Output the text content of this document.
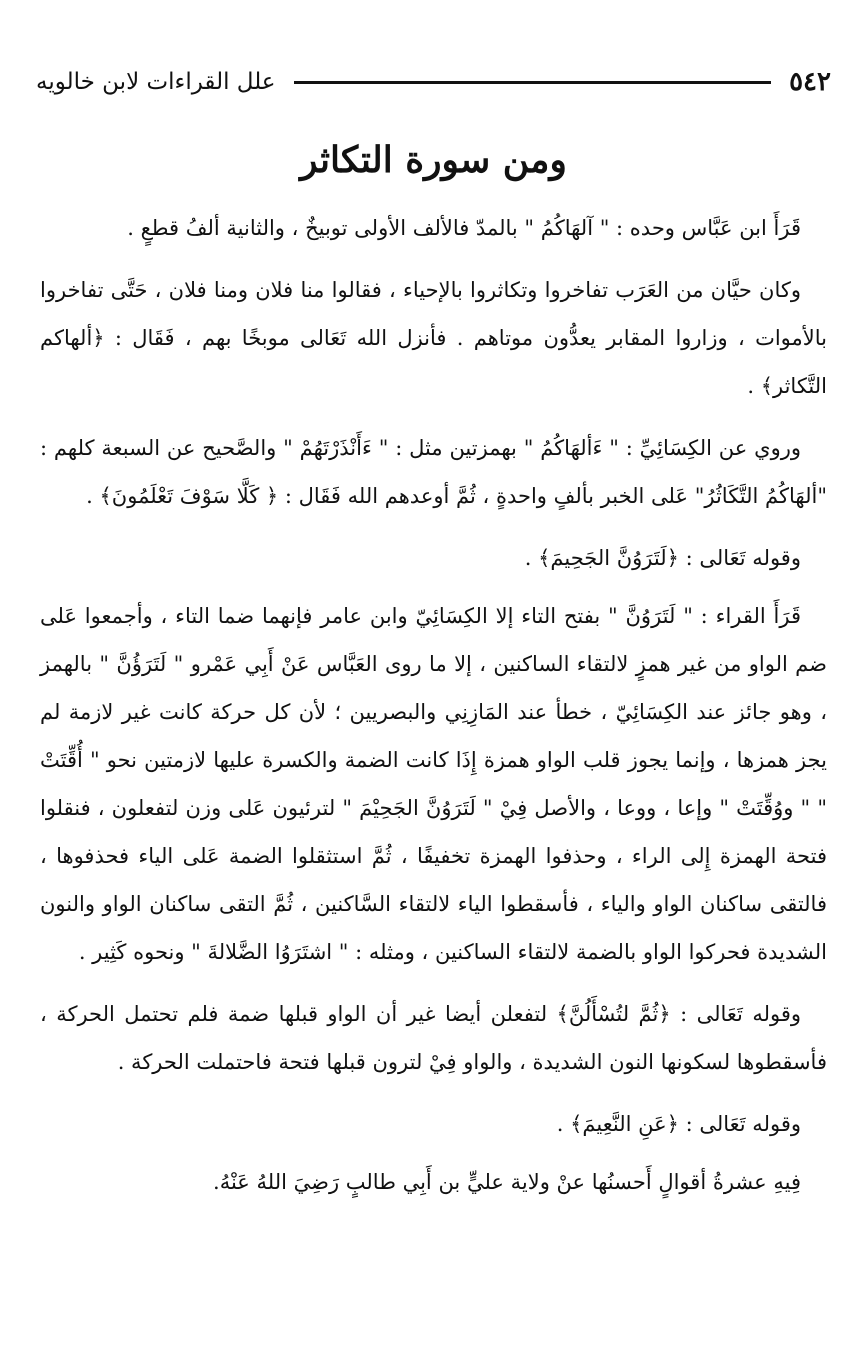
٥٤٢
علل القراءات لابن خالويه
ومن سورة التكاثر

قَرَأَ ابن عَبَّاس وحده : " آلهَاكُمُ " بالمدّ فالألف الأولى توبيخٌ ، والثانية ألفُ قطعٍ .

وكان حيَّان من العَرَب تفاخروا وتكاثروا بالإحياء ، فقالوا منا فلان ومنا فلان ، حَتَّى تفاخروا بالأموات ، وزاروا المقابر يعدُّون موتاهم . فأنزل الله تَعَالى موبخًا بهم ، فَقَال : ﴿ألهاكم التَّكاثر﴾ .

وروي عن الكِسَائِيِّ : " ءَألهَاكُمُ " بهمزتين مثل : " ءَأَنْذَرْتَهُمْ " والصَّحيح عن السبعة كلهم : "ألهَاكُمُ التَّكَاثُرُ" عَلى الخبر بألفٍ واحدةٍ ، ثُمَّ أوعدهم الله فَقَال : ﴿ كَلَّا سَوْفَ تَعْلَمُونَ﴾ .

وقوله تَعَالى : ﴿لَتَرَوُنَّ الجَحِيمَ﴾ .

قَرَأَ القراء : " لَتَرَوُنَّ " بفتح التاء إلا الكِسَائِيّ وابن عامر فإنهما ضما التاء ، وأجمعوا عَلى ضم الواو من غير همزٍ لالتقاء الساكنين ، إلا ما روى العَبَّاس عَنْ أَبِي عَمْرو " لَتَرَؤُنَّ " بالهمز ، وهو جائز عند الكِسَائِيّ ، خطأ عند المَازِنِي والبصريين ؛ لأن كل حركة كانت غير لازمة لم يجز همزها ، وإنما يجوز قلب الواو همزة إِذَا كانت الضمة والكسرة عليها لازمتين نحو " أُقِّتَتْ " " ووُقِّتَتْ " وإعا ، ووعا ، والأصل فِيْ " لَتَرَوُنَّ الجَحِيْمَ " لترئيون عَلى وزن لتفعلون ، فنقلوا فتحة الهمزة إِلى الراء ، وحذفوا الهمزة تخفيفًا ، ثُمَّ استثقلوا الضمة عَلى الياء فحذفوها ، فالتقى ساكنان الواو والياء ، فأسقطوا الياء لالتقاء السَّاكنين ، ثُمَّ التقى ساكنان الواو والنون الشديدة فحركوا الواو بالضمة لالتقاء الساكنين ، ومثله : " اشتَرَوُا الضَّلالةَ " ونحوه كَثِير .

وقوله تَعَالى : ﴿ثُمَّ لتُسْأَلُنَّ﴾ لتفعلن أيضا غير أن الواو قبلها ضمة فلم تحتمل الحركة ، فأسقطوها لسكونها النون الشديدة ، والواو فِيْ لترون قبلها فتحة فاحتملت الحركة .

وقوله تَعَالى : ﴿عَنِ النَّعِيمَ﴾ .

فِيهِ عشرةُ أقوالٍ أَحسنُها عنْ ولاية عليٍّ بن أَبِي طالبٍ رَضِيَ اللهُ عَنْهُ.
